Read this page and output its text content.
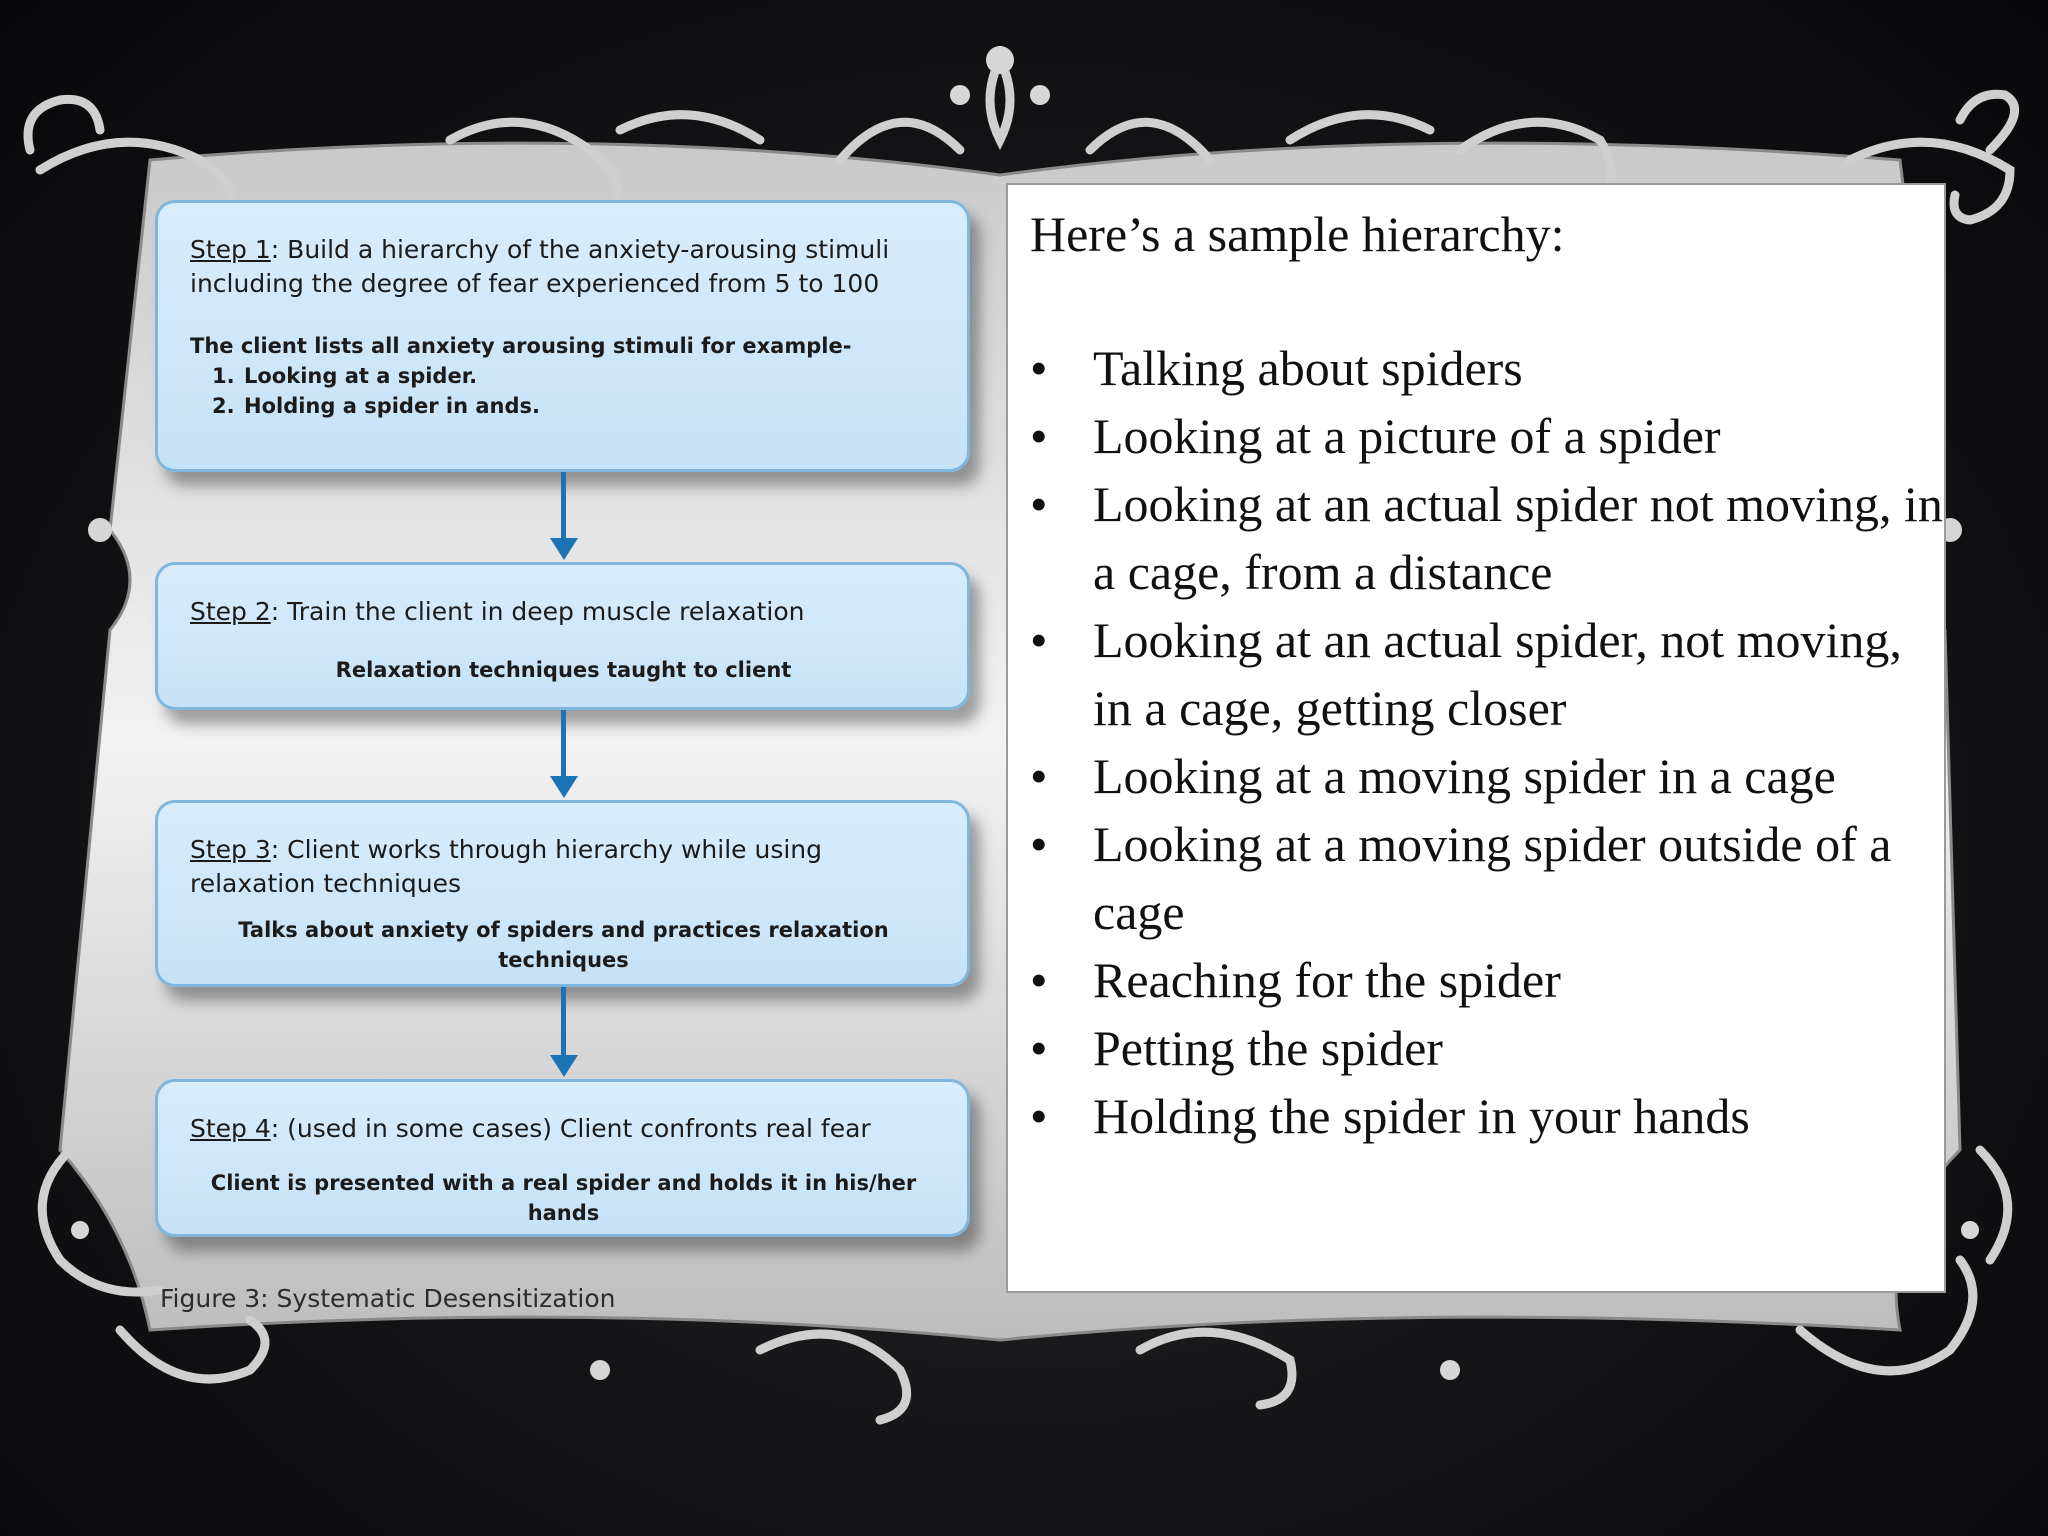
Step 1: Build a hierarchy of the anxiety-arousing stimuli including the degree of fear experienced from 5 to 100
The client lists all anxiety arousing stimuli for example-
1. Looking at a spider.
2. Holding a spider in ands.
Step 2: Train the client in deep muscle relaxation
Relaxation techniques taught to client
Step 3: Client works through hierarchy while using relaxation techniques
Talks about anxiety of spiders and practices relaxation techniques
Step 4: (used in some cases) Client confronts real fear
Client is presented with a real spider and holds it in his/her hands
Figure 3: Systematic Desensitization
Here’s a sample hierarchy:
• Talking about spiders
• Looking at a picture of a spider
• Looking at an actual spider not moving, in a cage, from a distance
• Looking at an actual spider, not moving, in a cage, getting closer
• Looking at a moving spider in a cage
• Looking at a moving spider outside of a cage
• Reaching for the spider
• Petting the spider
• Holding the spider in your hands
